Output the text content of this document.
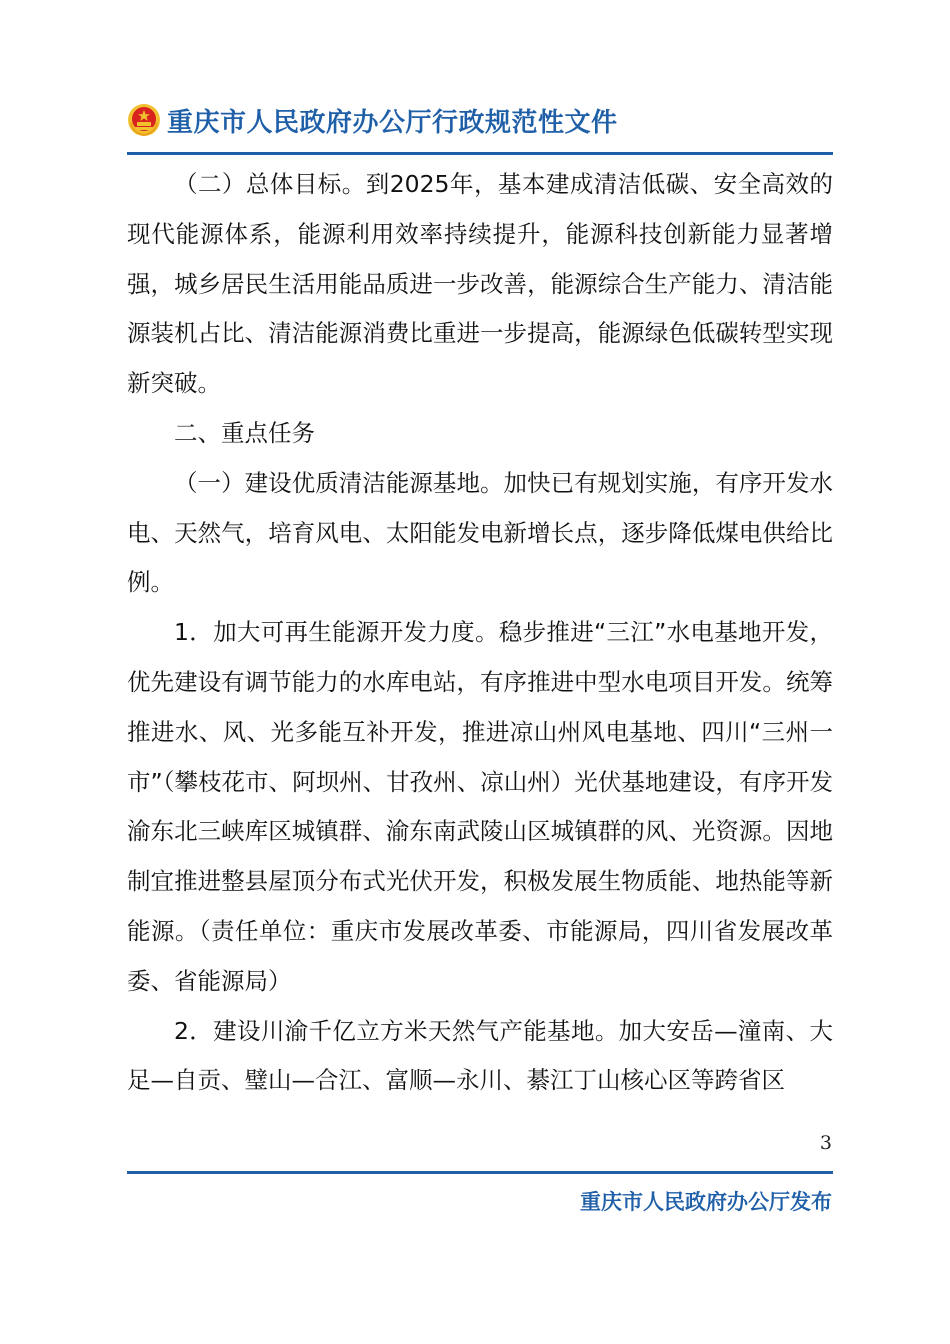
重庆市人民政府办公厅行政规范性文件

（二）总体目标。到2025年，基本建成清洁低碳、安全高效的现代能源体系，能源利用效率持续提升，能源科技创新能力显著增强，城乡居民生活用能品质进一步改善，能源综合生产能力、清洁能源装机占比、清洁能源消费比重进一步提高，能源绿色低碳转型实现新突破。

二、重点任务

（一）建设优质清洁能源基地。加快已有规划实施，有序开发水电、天然气，培育风电、太阳能发电新增长点，逐步降低煤电供给比例。

1．加大可再生能源开发力度。稳步推进“三江”水电基地开发，优先建设有调节能力的水库电站，有序推进中型水电项目开发。统筹推进水、风、光多能互补开发，推进凉山州风电基地、四川“三州一市”（攀枝花市、阿坝州、甘孜州、凉山州）光伏基地建设，有序开发渝东北三峡库区城镇群、渝东南武陵山区城镇群的风、光资源。因地制宜推进整县屋顶分布式光伏开发，积极发展生物质能、地热能等新能源。（责任单位：重庆市发展改革委、市能源局，四川省发展改革委、省能源局）

2．建设川渝千亿立方米天然气产能基地。加大安岳—潼南、大足—自贡、璧山—合江、富顺—永川、綦江丁山核心区等跨省区

3
重庆市人民政府办公厅发布
